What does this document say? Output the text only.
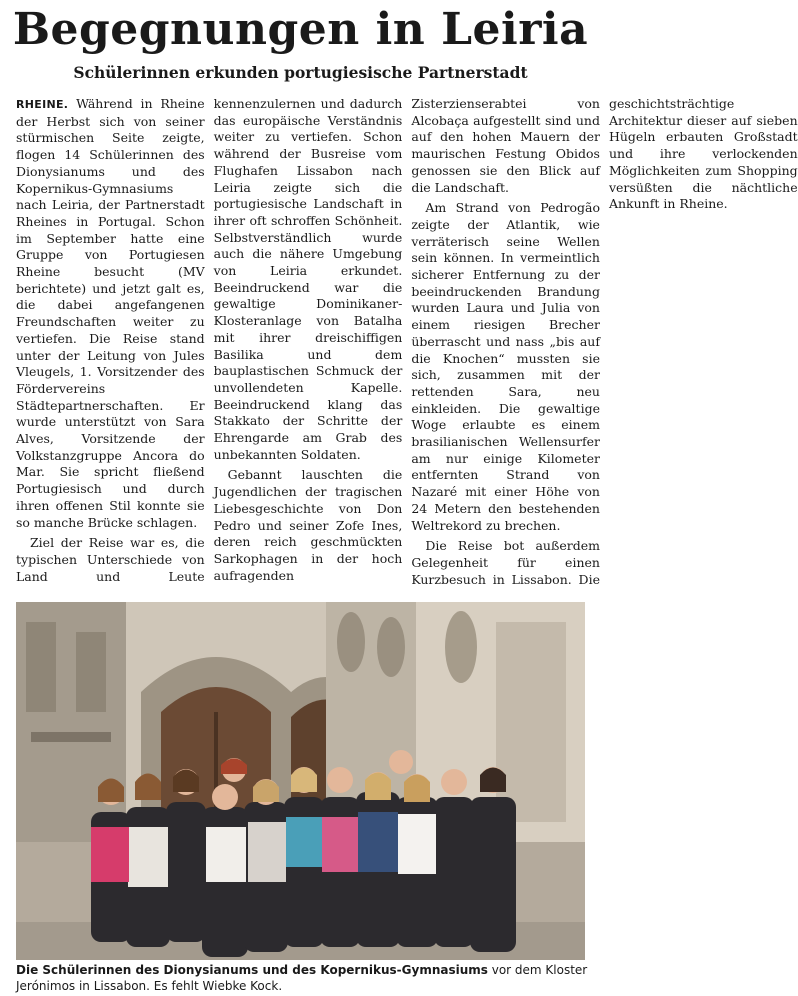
Begegnungen in Leiria
Schülerinnen erkunden portugiesische Partnerstadt

RHEINE. Während in Rheine der Herbst sich von seiner stürmischen Seite zeigte, flogen 14 Schülerinnen des Dionysianums und des Kopernikus-Gymnasiums nach Leiria, der Partnerstadt Rheines in Portugal. Schon im September hatte eine Gruppe von Portugiesen Rheine besucht (MV berichtete) und jetzt galt es, die dabei angefangenen Freundschaften weiter zu vertiefen. Die Reise stand unter der Leitung von Jules Vleugels, 1. Vorsitzender des Fördervereins Städtepartnerschaften. Er wurde unterstützt von Sara Alves, Vorsitzende der Volkstanzgruppe Ancora do Mar. Sie spricht fließend Portugiesisch und durch ihren offenen Stil konnte sie so manche Brücke schlagen.

Ziel der Reise war es, die typischen Unterschiede von Land und Leute kennenzulernen und dadurch das europäische Verständnis weiter zu vertiefen. Schon während der Busreise vom Flughafen Lissabon nach Leiria zeigte sich die portugiesische Landschaft in ihrer oft schroffen Schönheit. Selbstverständlich wurde auch die nähere Umgebung von Leiria erkundet. Beeindruckend war die gewaltige Dominikaner-Klosteranlage von Batalha mit ihrer dreischiffigen Basilika und dem bauplastischen Schmuck der unvollendeten Kapelle. Beeindruckend klang das Stakkato der Schritte der Ehrengarde am Grab des unbekannten Soldaten.

Gebannt lauschten die Jugendlichen der tragischen Liebesgeschichte von Don Pedro und seiner Zofe Ines, deren reich geschmückten Sarkophagen in der hoch aufragenden Zisterzienserabtei von Alcobaça aufgestellt sind und auf den hohen Mauern der maurischen Festung Obidos genossen sie den Blick auf die Landschaft.

Am Strand von Pedrogão zeigte der Atlantik, wie verräterisch seine Wellen sein können. In vermeintlich sicherer Entfernung zu der beeindruckenden Brandung wurden Laura und Julia von einem riesigen Brecher überrascht und nass „bis auf die Knochen“ mussten sie sich, zusammen mit der rettenden Sara, neu einkleiden. Die gewaltige Woge erlaubte es einem brasilianischen Wellensurfer am nur einige Kilometer entfernten Strand von Nazaré mit einer Höhe von 24 Metern den bestehenden Weltrekord zu brechen.

Die Reise bot außerdem Gelegenheit für einen Kurzbesuch in Lissabon. Die geschichtsträchtige Architektur dieser auf sieben Hügeln erbauten Großstadt und ihre verlockenden Möglichkeiten zum Shopping versüßten die nächtliche Ankunft in Rheine.

Die Schülerinnen des Dionysianums und des Kopernikus-Gymnasiums vor dem Kloster Jerónimos in Lissabon. Es fehlt Wiebke Kock.
